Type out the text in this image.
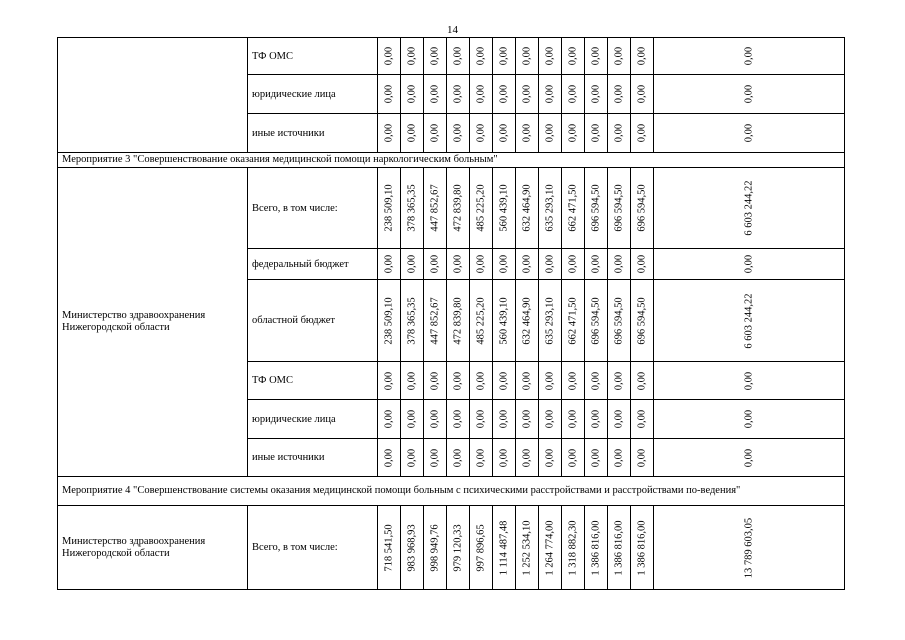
14
	ТФ ОМС	0,00	0,00	0,00	0,00	0,00	0,00	0,00	0,00	0,00	0,00	0,00	0,00	0,00

	юридические лица	0,00	0,00	0,00	0,00	0,00	0,00	0,00	0,00	0,00	0,00	0,00	0,00	0,00

	иные источники	0,00	0,00	0,00	0,00	0,00	0,00	0,00	0,00	0,00	0,00	0,00	0,00	0,00

Мероприятие 3 "Совершенствование оказания медицинской помощи наркологическим больным"														
Министерство здравоохранения Нижегородской области	Всего, в том числе:	238 509,10	378 365,35	447 852,67	472 839,80	485 225,20	560 439,10	632 464,90	635 293,10	662 471,50	696 594,50	696 594,50	696 594,50	6 603 244,22

	федеральный бюджет	0,00	0,00	0,00	0,00	0,00	0,00	0,00	0,00	0,00	0,00	0,00	0,00	0,00

	областной бюджет	238 509,10	378 365,35	447 852,67	472 839,80	485 225,20	560 439,10	632 464,90	635 293,10	662 471,50	696 594,50	696 594,50	696 594,50	6 603 244,22

	ТФ ОМС	0,00	0,00	0,00	0,00	0,00	0,00	0,00	0,00	0,00	0,00	0,00	0,00	0,00

	юридические лица	0,00	0,00	0,00	0,00	0,00	0,00	0,00	0,00	0,00	0,00	0,00	0,00	0,00

	иные источники	0,00	0,00	0,00	0,00	0,00	0,00	0,00	0,00	0,00	0,00	0,00	0,00	0,00

Мероприятие 4 "Совершенствование системы оказания медицинской помощи больным с психическими расстройствами и расстройствами по-ведения"														
Министерство здравоохранения Нижегородской области	Всего, в том числе:	718 541,50	983 968,93	998 949,76	979 120,33	997 896,65	1 114 487,48	1 252 534,10	1 264 774,00	1 318 882,30	1 386 816,00	1 386 816,00	1 386 816,00	13 789 603,05
